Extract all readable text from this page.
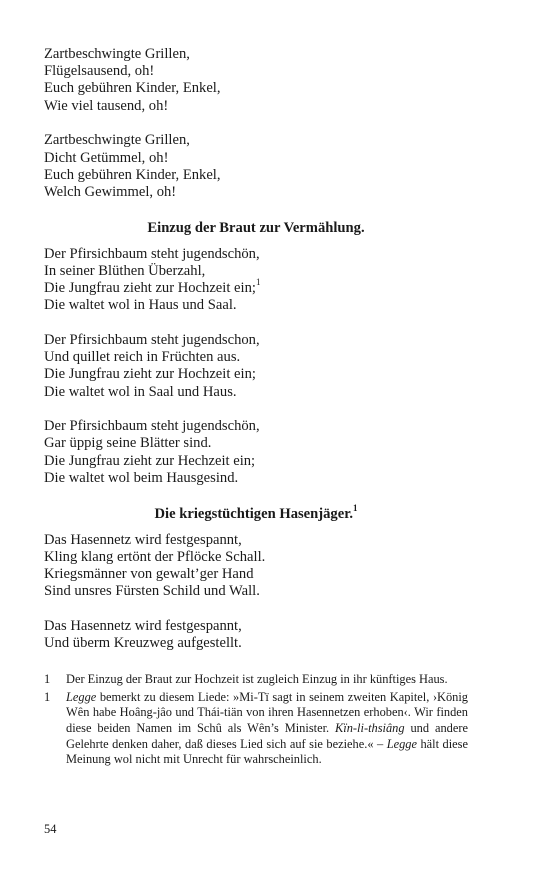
Zartbeschwingte Grillen,
Flügelsausend, oh!
Euch gebühren Kinder, Enkel,
Wie viel tausend, oh!
Zartbeschwingte Grillen,
Dicht Getümmel, oh!
Euch gebühren Kinder, Enkel,
Welch Gewimmel, oh!
Einzug der Braut zur Vermählung.
Der Pfirsichbaum steht jugendschön,
In seiner Blüthen Überzahl,
Die Jungfrau zieht zur Hochzeit ein;$^1$
Die waltet wol in Haus und Saal.
Der Pfirsichbaum steht jugendschon,
Und quillet reich in Früchten aus.
Die Jungfrau zieht zur Hochzeit ein;
Die waltet wol in Saal und Haus.
Der Pfirsichbaum steht jugendschön,
Gar üppig seine Blätter sind.
Die Jungfrau zieht zur Hechzeit ein;
Die waltet wol beim Hausgesind.
Die kriegstüchtigen Hasenjäger.$^1$
Das Hasennetz wird festgespannt,
Kling klang ertönt der Pflöcke Schall.
Kriegsmänner von gewalt’ger Hand
Sind unsres Fürsten Schild und Wall.
Das Hasennetz wird festgespannt,
Und überm Kreuzweg aufgestellt.
1	Der Einzug der Braut zur Hochzeit ist zugleich Einzug in ihr künftiges Haus.
1	Legge bemerkt zu diesem Liede: »Mi-Tï sagt in seinem zweiten Kapitel, ›König Wên habe Hoâng-jâo und Thái-tiän von ihren Hasennetzen erhoben‹. Wir finden diese beiden Namen im Schû als Wên’s Minister. Kïn-li-thsiâng und andere Gelehrte denken daher, daß dieses Lied sich auf sie beziehe.« – Legge hält diese Meinung wol nicht mit Unrecht für wahrscheinlich.
54
